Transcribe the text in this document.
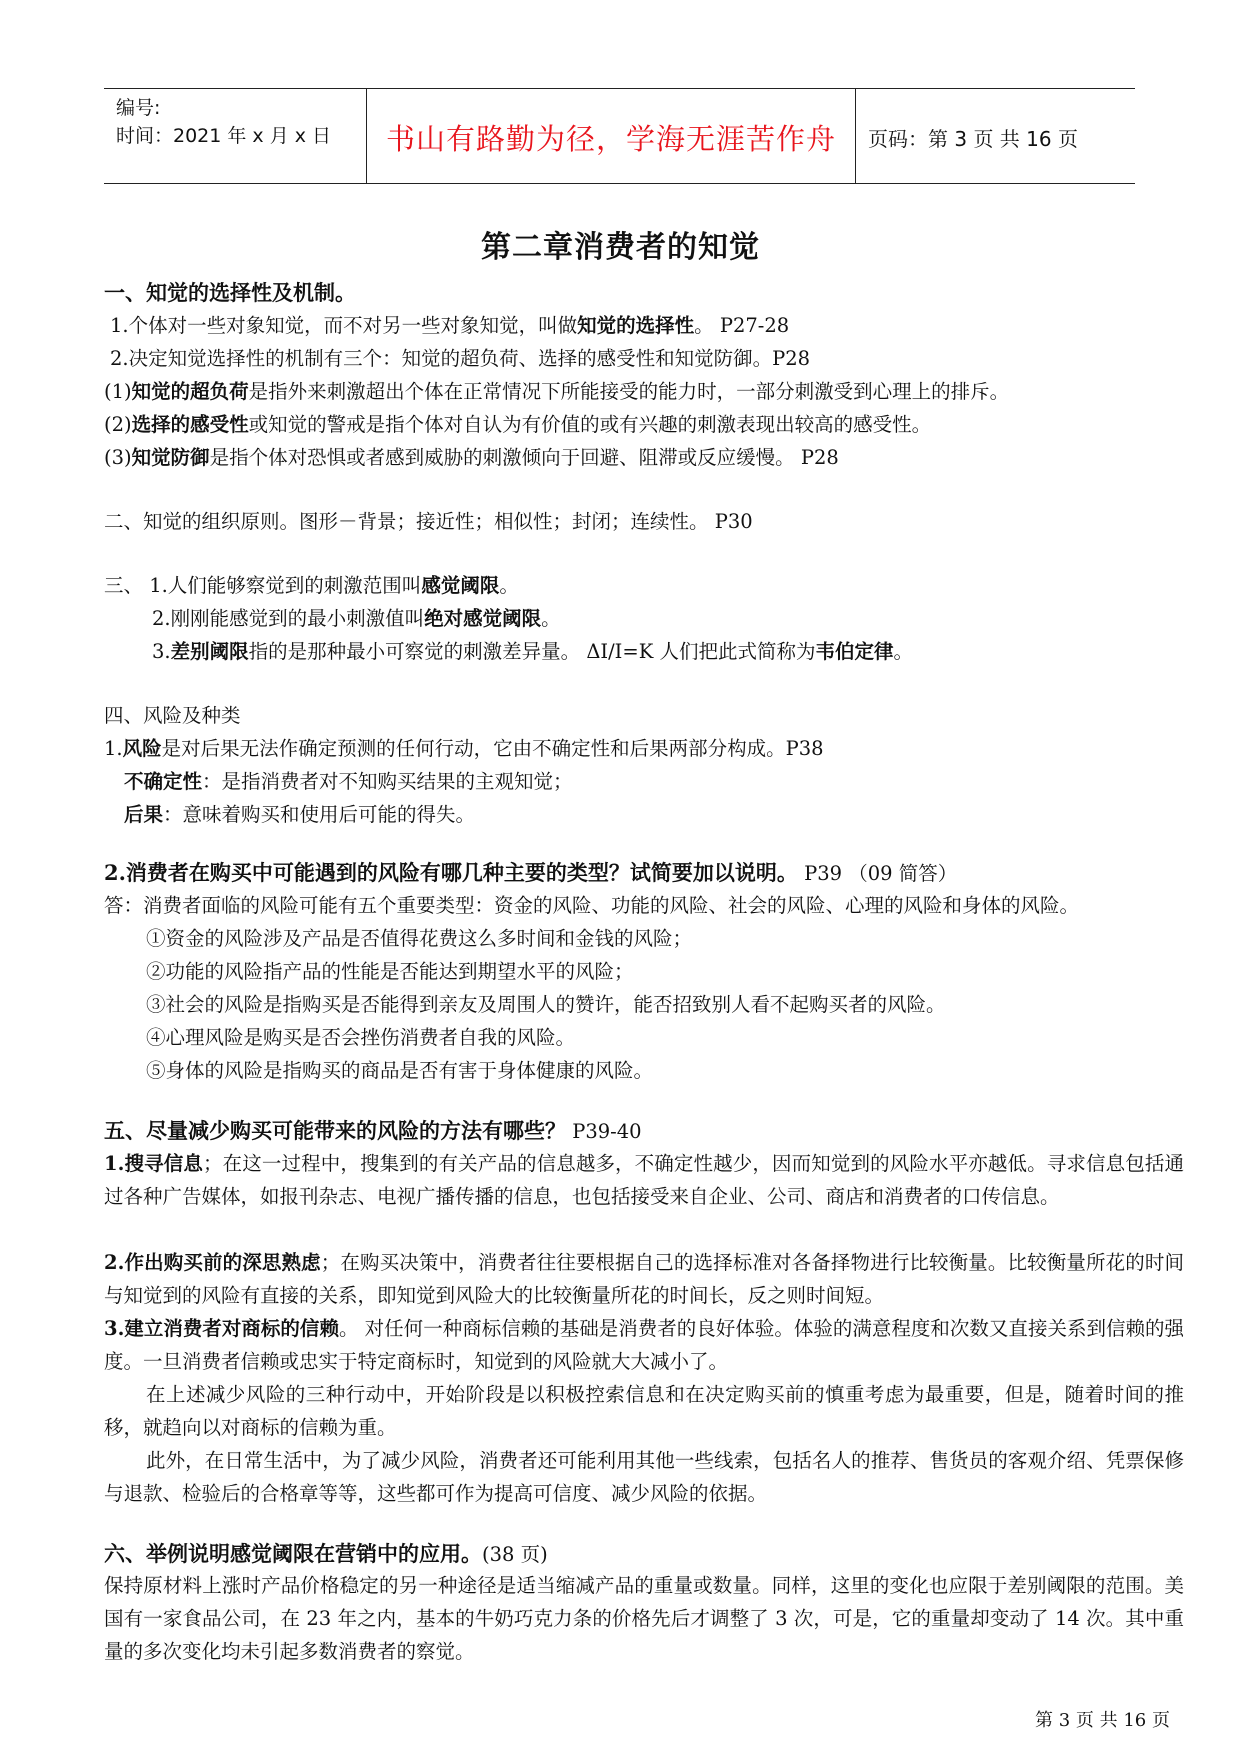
编号:
时间：2021 年 x 月 x 日	书山有路勤为径，学海无涯苦作舟	页码：第 3 页 共 16 页
第二章消费者的知觉
一、知觉的选择性及机制。
1.个体对一些对象知觉，而不对另一些对象知觉，叫做知觉的选择性。 P27-28
2.决定知觉选择性的机制有三个：知觉的超负荷、选择的感受性和知觉防御。P28
(1)知觉的超负荷是指外来刺激超出个体在正常情况下所能接受的能力时，一部分刺激受到心理上的排斥。
(2)选择的感受性或知觉的警戒是指个体对自认为有价值的或有兴趣的刺激表现出较高的感受性。
(3)知觉防御是指个体对恐惧或者感到威胁的刺激倾向于回避、阻滞或反应缓慢。 P28
二、知觉的组织原则。图形－背景；接近性；相似性；封闭；连续性。 P30
三、 1.人们能够察觉到的刺激范围叫感觉阈限。
2.刚刚能感觉到的最小刺激值叫绝对感觉阈限。
3.差别阈限指的是那种最小可察觉的刺激差异量。 ΔI/I=K 人们把此式简称为韦伯定律。
四、风险及种类
1.风险是对后果无法作确定预测的任何行动，它由不确定性和后果两部分构成。P38
不确定性：是指消费者对不知购买结果的主观知觉；
后果：意味着购买和使用后可能的得失。
2.消费者在购买中可能遇到的风险有哪几种主要的类型？试简要加以说明。 P39 （09 简答）
答：消费者面临的风险可能有五个重要类型：资金的风险、功能的风险、社会的风险、心理的风险和身体的风险。
①资金的风险涉及产品是否值得花费这么多时间和金钱的风险；
②功能的风险指产品的性能是否能达到期望水平的风险；
③社会的风险是指购买是否能得到亲友及周围人的赞许，能否招致别人看不起购买者的风险。
④心理风险是购买是否会挫伤消费者自我的风险。
⑤身体的风险是指购买的商品是否有害于身体健康的风险。
五、尽量减少购买可能带来的风险的方法有哪些？ P39-40
1.搜寻信息；在这一过程中，搜集到的有关产品的信息越多，不确定性越少，因而知觉到的风险水平亦越低。寻求信息包括通过各种广告媒体，如报刊杂志、电视广播传播的信息，也包括接受来自企业、公司、商店和消费者的口传信息。
2.作出购买前的深思熟虑；在购买决策中，消费者往往要根据自己的选择标准对各备择物进行比较衡量。比较衡量所花的时间与知觉到的风险有直接的关系，即知觉到风险大的比较衡量所花的时间长，反之则时间短。
3.建立消费者对商标的信赖。 对任何一种商标信赖的基础是消费者的良好体验。体验的满意程度和次数又直接关系到信赖的强度。一旦消费者信赖或忠实于特定商标时，知觉到的风险就大大减小了。
在上述减少风险的三种行动中，开始阶段是以积极控索信息和在决定购买前的慎重考虑为最重要，但是，随着时间的推移，就趋向以对商标的信赖为重。
此外，在日常生活中，为了减少风险，消费者还可能利用其他一些线索，包括名人的推荐、售货员的客观介绍、凭票保修与退款、检验后的合格章等等，这些都可作为提高可信度、减少风险的依据。
六、举例说明感觉阈限在营销中的应用。(38 页)
保持原材料上涨时产品价格稳定的另一种途径是适当缩减产品的重量或数量。同样，这里的变化也应限于差别阈限的范围。美国有一家食品公司，在 23 年之内，基本的牛奶巧克力条的价格先后才调整了 3 次，可是，它的重量却变动了 14 次。其中重量的多次变化均未引起多数消费者的察觉。
第 3 页 共 16 页
